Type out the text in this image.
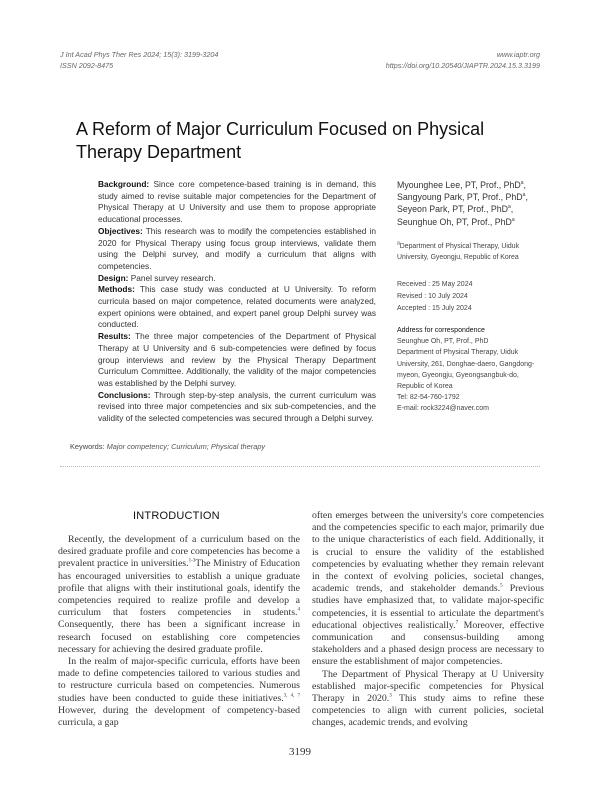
J Int Acad Phys Ther Res 2024; 15(3): 3199-3204
ISSN 2092-8475
www.iaptr.org
https://doi.org/10.20540/JIAPTR.2024.15.3.3199
A Reform of Major Curriculum Focused on Physical Therapy Department

Background: Since core competence-based training is in demand, this study aimed to revise suitable major competencies for the Department of Physical Therapy at U University and use them to propose appropriate educational processes.

Objectives: This research was to modify the competencies established in 2020 for Physical Therapy using focus group interviews, validate them using the Delphi survey, and modify a curriculum that aligns with competencies.

Design: Panel survey research.

Methods: This case study was conducted at U University. To reform curricula based on major competence, related documents were analyzed, expert opinions were obtained, and expert panel group Delphi survey was conducted.

Results: The three major competencies of the Department of Physical Therapy at U University and 6 sub-competencies were defined by focus group interviews and review by the Physical Therapy Department Curriculum Committee. Additionally, the validity of the major competencies was established by the Delphi survey.

Conclusions: Through step-by-step analysis, the current curriculum was revised into three major competencies and six sub-competencies, and the validity of the selected competencies was secured through a Delphi survey.

Myounghee Lee, PT, Prof., PhD$^a$,
Sangyoung Park, PT, Prof., PhD$^a$,
Seyeon Park, PT, Prof., PhD$^a$,
Seunghue Oh, PT, Prof., PhD$^a$
$^a$Department of Physical Therapy, Uiduk University, Gyeongju, Republic of Korea
Received : 25 May 2024
Revised : 10 July 2024
Accepted : 15 July 2024
Address for correspondence
Seunghue Oh, PT, Prof., PhD
Department of Physical Therapy, Uiduk University, 261, Donghae-daero, Gangdong-myeon, Gyeongju, Gyeongsangbuk-do, Republic of Korea
Tel: 82-54-760-1792
E-mail: rock3224@naver.com
Keywords: Major competency; Curriculum; Physical therapy
INTRODUCTION

Recently, the development of a curriculum based on the desired graduate profile and core competencies has become a prevalent practice in universities.$^{1-3}$The Ministry of Education has encouraged universities to establish a unique graduate profile that aligns with their institutional goals, identify the competencies required to realize profile and develop a curriculum that fosters competencies in students.$^4$ Consequently, there has been a significant increase in research focused on establishing core competencies necessary for achieving the desired graduate profile.

In the realm of major-specific curricula, efforts have been made to define competencies tailored to various studies and to restructure curricula based on competencies. Numerous studies have been conducted to guide these initiatives.$^{3, 4, 7}$ However, during the development of competency-based curricula, a gap

often emerges between the university's core competencies and the competencies specific to each major, primarily due to the unique characteristics of each field. Additionally, it is crucial to ensure the validity of the established competencies by evaluating whether they remain relevant in the context of evolving policies, societal changes, academic trends, and stakeholder demands.$^5$ Previous studies have emphasized that, to validate major-specific competencies, it is essential to articulate the department's educational objectives realistically.$^7$ Moreover, effective communication and consensus-building among stakeholders and a phased design process are necessary to ensure the establishment of major competencies.

The Department of Physical Therapy at U University established major-specific competencies for Physical Therapy in 2020.$^3$ This study aims to refine these competencies to align with current policies, societal changes, academic trends, and evolving

3199
